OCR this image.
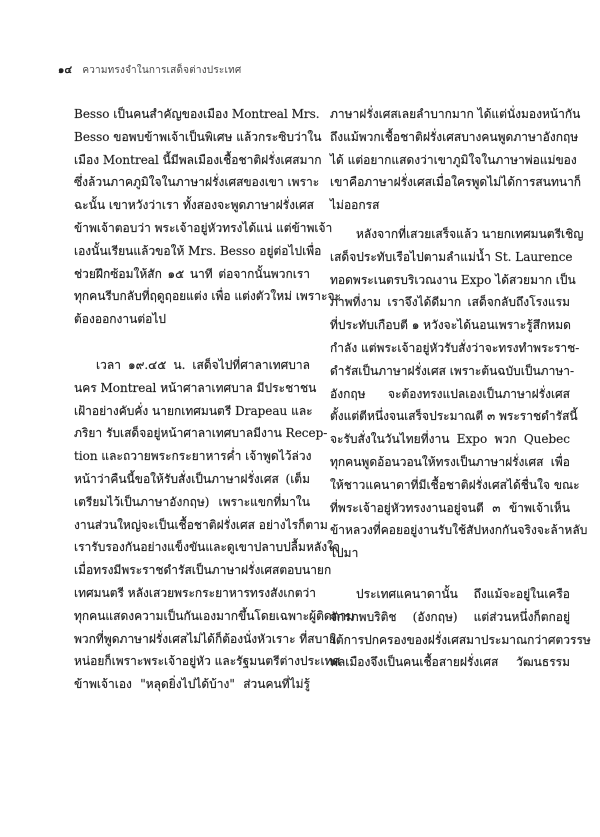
๑๔ ความทรงจำในการเสด็จต่างประเทศ
Besso เป็นคนสำคัญของเมือง Montreal Mrs.
Besso ขอพบข้าพเจ้าเป็นพิเศษ แล้วกระซิบว่าใน
เมือง Montreal นี้มีพลเมืองเชื้อชาติฝรั่งเศสมาก
ซึ่งล้วนภาคภูมิใจในภาษาฝรั่งเศสของเขา เพราะ
ฉะนั้น เขาหวังว่าเรา ทั้งสองจะพูดภาษาฝรั่งเศส
ข้าพเจ้าตอบว่า พระเจ้าอยู่หัวทรงได้แน่ แต่ข้าพเจ้า
เองนั้นเรียนแล้วขอให้ Mrs. Besso อยู่ต่อไปเพื่อ
ช่วยฝึกซ้อมให้สัก ๑๕ นาที ต่อจากนั้นพวกเรา
ทุกคนรีบกลับที่ฤดูฤอยแต่ง เพื่อ แต่งตัวใหม่ เพราะจะ
ต้องออกงานต่อไป
เวลา ๑๙.๔๕ น. เสด็จไปที่ศาลาเทศบาล
นคร Montreal หน้าศาลาเทศบาล มีประชาชน
เฝ้าอย่างคับคั่ง นายกเทศมนตรี Drapeau และ
ภริยา รับเสด็จอยู่หน้าศาลาเทศบาลมีงาน Recep-
tion และถวายพระกระยาหารค่ำ เจ้าพูดไว้ล่วง
หน้าว่าคืนนี้ขอให้รับสั่งเป็นภาษาฝรั่งเศส (เต็ม
เตรียมไว้เป็นภาษาอังกฤษ) เพราะแขกที่มาใน
งานส่วนใหญ่จะเป็นเชื้อชาติฝรั่งเศส อย่างไรก็ตาม
เรารับรองกันอย่างแข็งขันและดูเขาปลาบปลื้มหลังใจ
เมื่อทรงมีพระราชดำรัสเป็นภาษาฝรั่งเศสตอบนายก
เทศมนตรี หลังเสวยพระกระยาหารทรงสังเกตว่า
ทุกคนแสดงความเป็นกันเองมากขึ้นโดยเฉพาะผู้ติดตาม
พวกที่พูดภาษาฝรั่งเศสไม่ได้ก็ต้องนั่งหัวเราะ ที่สบาย
หน่อยก็เพราะพระเจ้าอยู่หัว และรัฐมนตรีต่างประเทศ
ข้าพเจ้าเอง "หลุดยิ่งไปได้บ้าง" ส่วนคนที่ไม่รู้
ภาษาฝรั่งเศสเลยลำบากมาก ได้แต่นั่งมองหน้ากัน
ถึงแม้พวกเชื้อชาติฝรั่งเศสบางคนพูดภาษาอังกฤษ
ได้ แต่อยากแสดงว่าเขาภูมิใจในภาษาพ่อแม่ของ
เขาคือภาษาฝรั่งเศสเมื่อใครพูดไม่ได้การสนทนาก็
ไม่ออกรส
หลังจากที่เสวยเสร็จแล้ว นายกเทศมนตรีเชิญ
เสด็จประทับเรือไปตามลำแม่น้ำ St. Laurence
ทอดพระเนตรบริเวณงาน Expo ได้สวยมาก เป็น
ภาพที่งาม เราจึงได้ดีมาก เสด็จกลับถึงโรงแรม
ที่ประทับเกือบตี ๑ หวังจะได้นอนเพราะรู้สึกหมด
กำลัง แต่พระเจ้าอยู่หัวรับสั่งว่าจะทรงทำพระราช-
ดำรัสเป็นภาษาฝรั่งเศส เพราะต้นฉบับเป็นภาษา-
อังกฤษ จะต้องทรงแปลเองเป็นภาษาฝรั่งเศส
ตั้งแต่ตีหนึ่งจนเสร็จประมาณตี ๓ พระราชดำรัสนี้
จะรับสั่งในวันไทยที่งาน Expo พวก Quebec
ทุกคนพูดอ้อนวอนให้ทรงเป็นภาษาฝรั่งเศส เพื่อ
ให้ชาวแคนาดาที่มีเชื้อชาติฝรั่งเศสได้ชื่นใจ ขณะ
ที่พระเจ้าอยู่หัวทรงงานอยู่จนตี ๓ ข้าพเจ้าเห็น
ข้าหลวงที่คอยอยู่งานรับใช้สัปหงกกันจริงจะล้าหลับ
ไปมา
ประเทศแคนาดานั้น ถึงแม้จะอยู่ในเครือ
จักรภพบริติช (อังกฤษ) แต่ส่วนหนึ่งก็ตกอยู่
ใต้การปกครองของฝรั่งเศสมาประมาณกว่าศตวรรษ
พลเมืองจึงเป็นคนเชื้อสายฝรั่งเศส วัฒนธรรม
